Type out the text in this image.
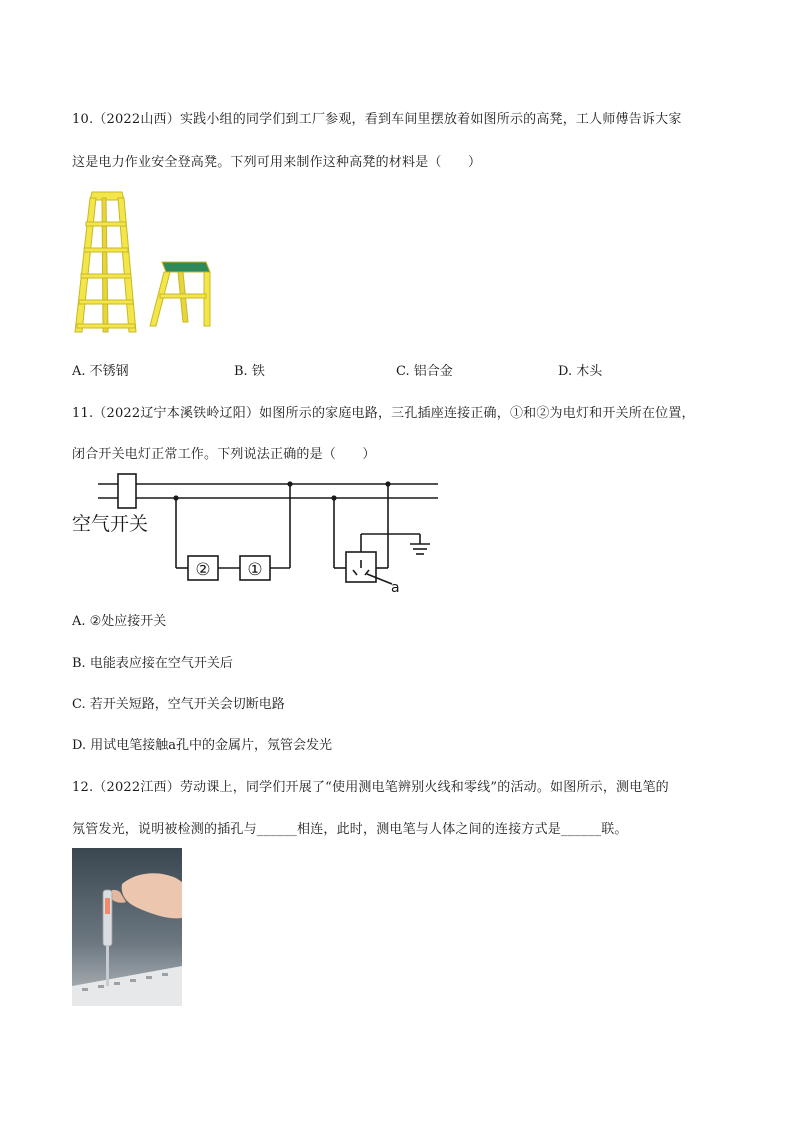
10.（2022山西）实践小组的同学们到工厂参观，看到车间里摆放着如图所示的高凳，工人师傅告诉大家
这是电力作业安全登高凳。下列可用来制作这种高凳的材料是（　　）
A. 不锈钢	B. 铁	C. 铝合金	D. 木头
11.（2022辽宁本溪铁岭辽阳）如图所示的家庭电路，三孔插座连接正确，①和②为电灯和开关所在位置，
闭合开关电灯正常工作。下列说法正确的是（　　）
空气开关
② ①
a
A. ②处应接开关
B. 电能表应接在空气开关后
C. 若开关短路，空气开关会切断电路
D. 用试电笔接触a孔中的金属片，氖管会发光
12.（2022江西）劳动课上，同学们开展了“使用测电笔辨别火线和零线”的活动。如图所示，测电笔的
氖管发光，说明被检测的插孔与______相连，此时，测电笔与人体之间的连接方式是______联。
